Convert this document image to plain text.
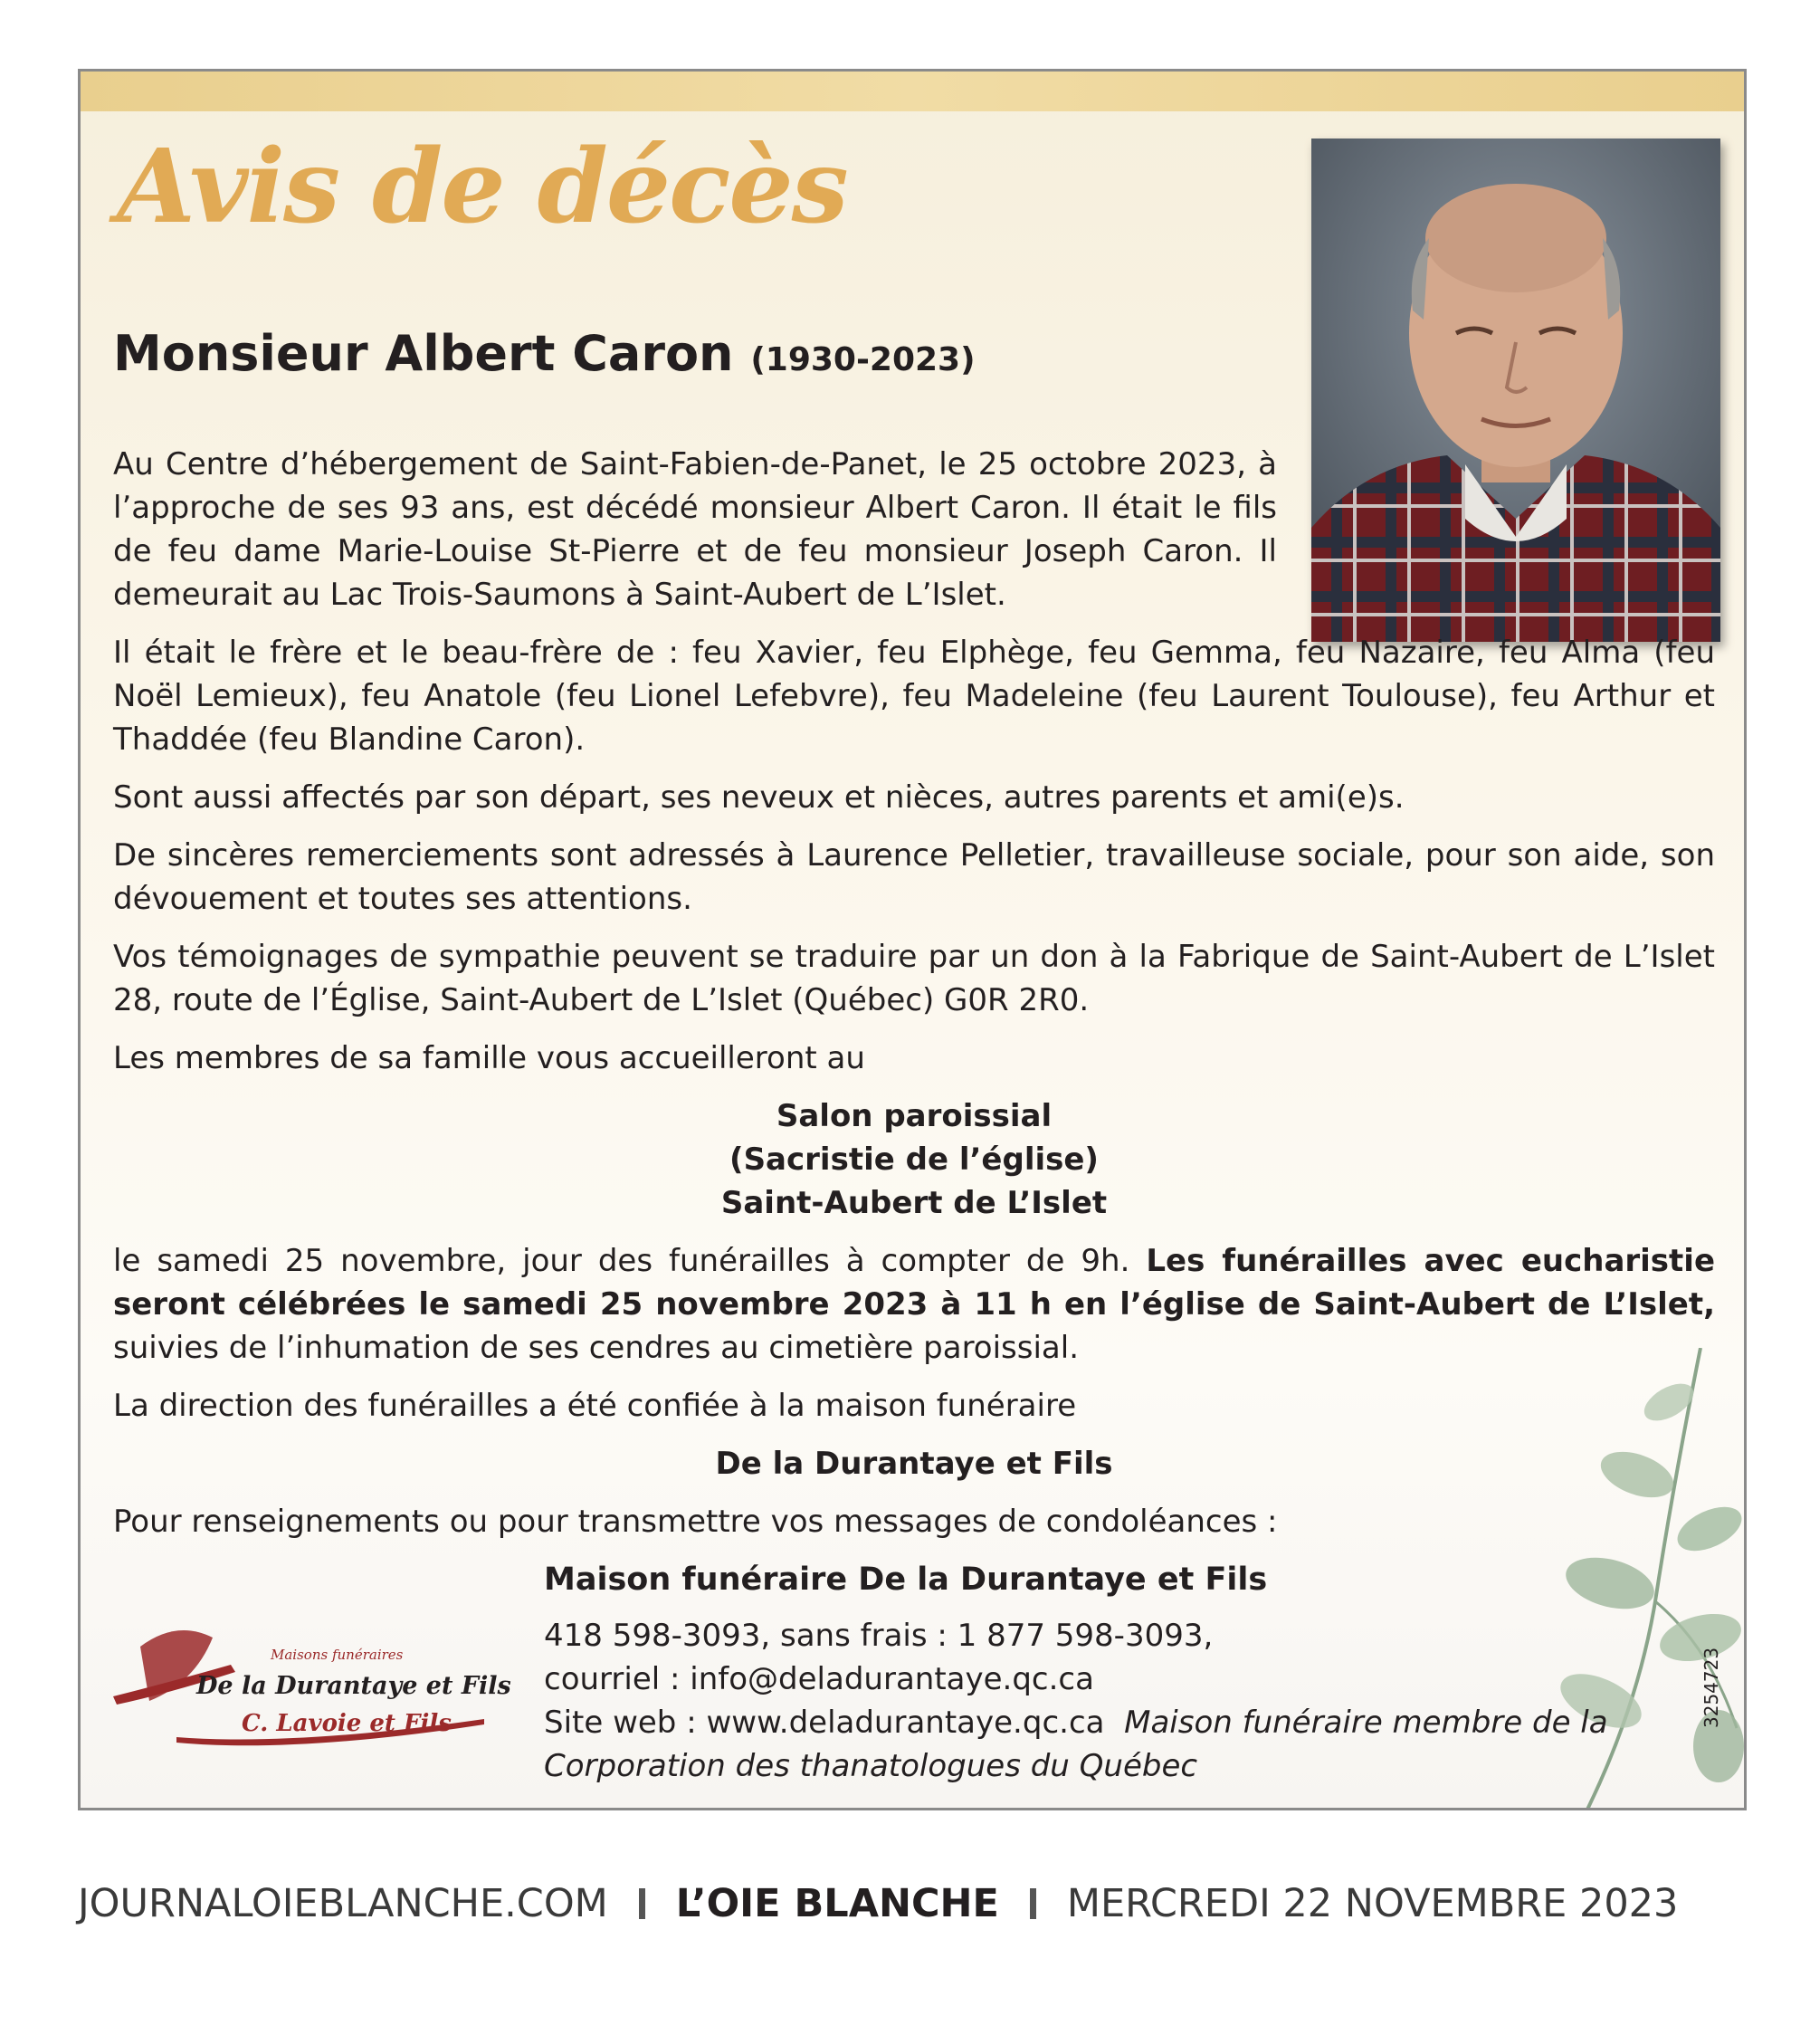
Avis de décès
Monsieur Albert Caron (1930-2023)

Au Centre d’hébergement de Saint-Fabien-de-Panet, le 25 octobre 2023, à l’approche de ses 93 ans, est décédé monsieur Albert Caron. Il était le fils de feu dame Marie-Louise St-Pierre et de feu monsieur Joseph Caron. Il demeurait au Lac Trois-Saumons à Saint-Aubert de L’Islet.

Il était le frère et le beau-frère de : feu Xavier, feu Elphège, feu Gemma, feu Nazaire, feu Alma (feu Noël Lemieux), feu Anatole (feu Lionel Lefebvre), feu Madeleine (feu Laurent Toulouse), feu Arthur et Thaddée (feu Blandine Caron).

Sont aussi affectés par son départ, ses neveux et nièces, autres parents et ami(e)s.

De sincères remerciements sont adressés à Laurence Pelletier, travailleuse sociale, pour son aide, son dévouement et toutes ses attentions.

Vos témoignages de sympathie peuvent se traduire par un don à la Fabrique de Saint-Aubert de L’Islet 28, route de l’Église, Saint-Aubert de L’Islet (Québec) G0R 2R0.

Les membres de sa famille vous accueilleront au

Salon paroissial
(Sacristie de l’église)
Saint-Aubert de L’Islet

le samedi 25 novembre, jour des funérailles à compter de 9h. Les funérailles avec eucharistie seront célébrées le samedi 25 novembre 2023 à 11 h en l’église de Saint-Aubert de L’Islet, suivies de l’inhumation de ses cendres au cimetière paroissial.

La direction des funérailles a été confiée à la maison funéraire

De la Durantaye et Fils

Pour renseignements ou pour transmettre vos messages de condoléances :

Maisons funéraires
De la Durantaye et Fils
C. Lavoie et Fils
Maison funéraire De la Durantaye et Fils
418 598-3093, sans frais : 1 877 598-3093,
courriel : info@deladurantaye.qc.ca
Site web : www.deladurantaye.qc.ca Maison funéraire membre de la Corporation des thanatologues du Québec
3254723
JOURNALOIEBLANCHE.COM L’OIE BLANCHE MERCREDI 22 NOVEMBRE 2023
